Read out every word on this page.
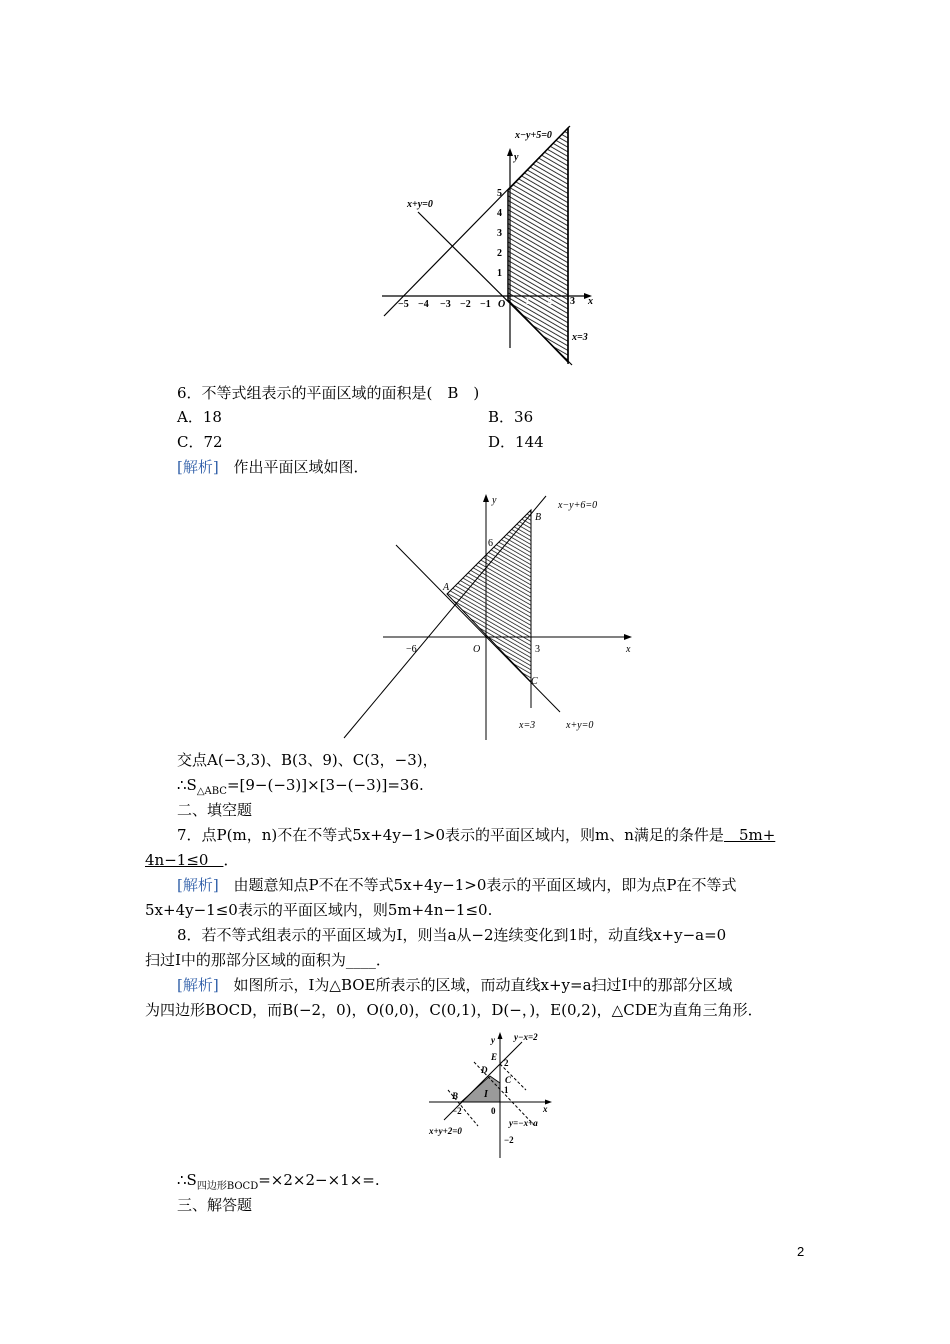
x−y+5=0
x+y=0
x=3
y
x
O
5
4
3
2
1
−5 −4 −3 −2 −1	1 2 3
6．不等式组表示的平面区域的面积是(　B　)
A．18	B．36
C．72	D．144
[解析] 作出平面区域如图．
x−y+6=0
x+y=0
x=3
y
x
O
6
−6	3
A
B
C
交点A(−3,3)、B(3、9)、C(3，−3)，
$\therefore S_{\triangle ABC}=[9-(-3)]\times[3-(-3)]=36$.
二、填空题
7．点P(m，n)不在不等式5x+4y−1>0表示的平面区域内，则m、n满足的条件是　5m+
4n−1≤0　．
[解析] 由题意知点P不在不等式5x+4y−1>0表示的平面区域内，即为点P在不等式
5x+4y−1≤0表示的平面区域内，则5m+4n−1≤0.
8．若不等式组表示的平面区域为I，则当a从−2连续变化到1时，动直线x+y−a=0
扫过I中的那部分区域的面积为____．
[解析] 如图所示，I为△BOE所表示的区域，而动直线x+y=a扫过I中的那部分区域
为四边形BOCD，而B(−2，0)，O(0,0)，C(0,1)，D(−，)，E(0,2)，△CDE为直角三角形．
y−x=2
x+y+2=0
y=−x+a
y
x
E
D
C
B	I
2
1
−2	0
−2
$\therefore S_{四边形BOCD}=\times 2\times 2-\times 1\times=$.
三、解答题
2
